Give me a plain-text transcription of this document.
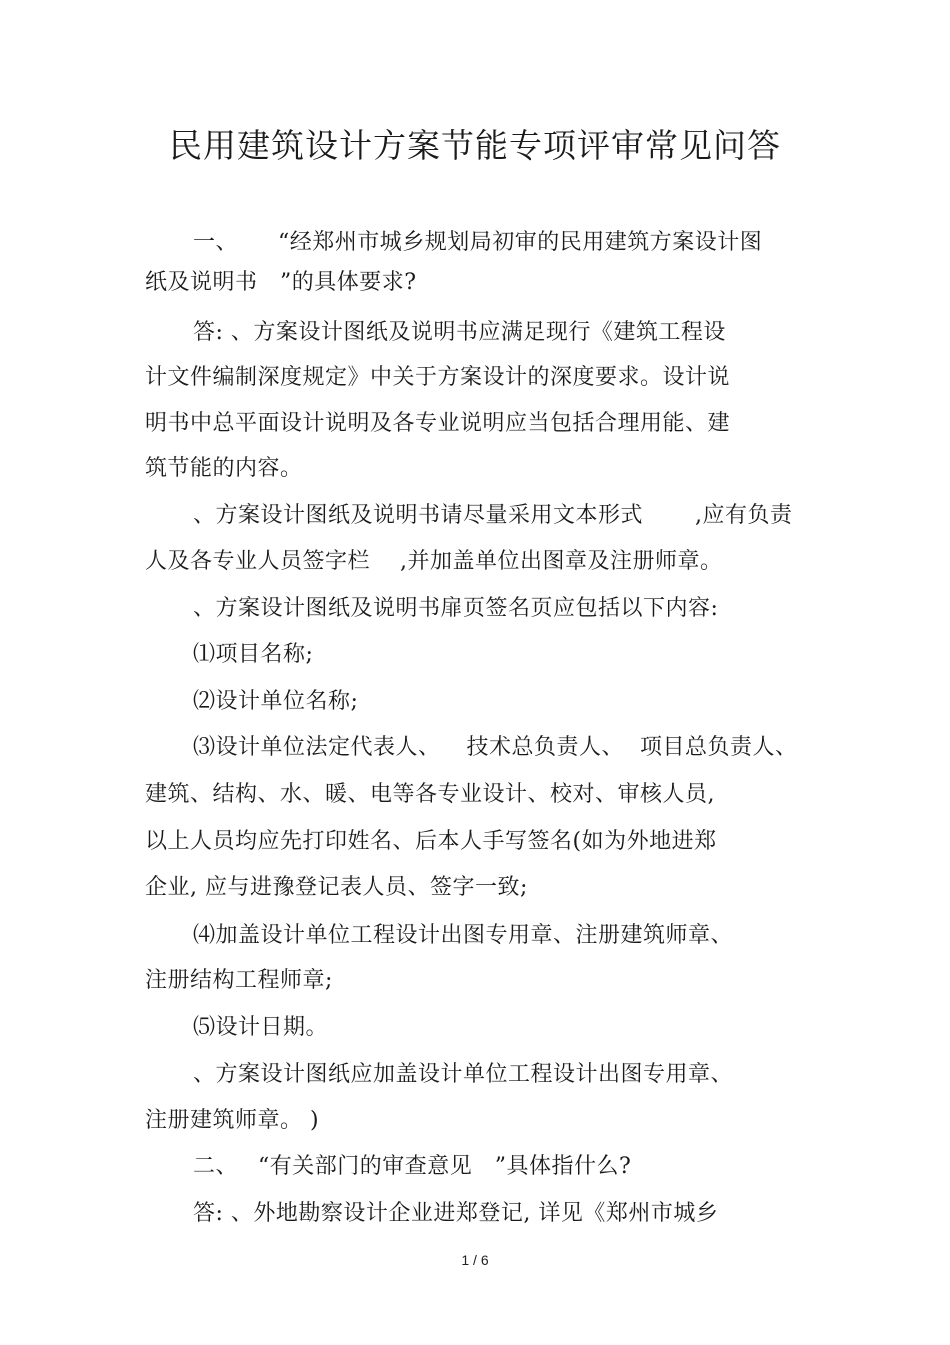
民用建筑设计方案节能专项评审常见问答
一、 “经郑州市城乡规划局初审的民用建筑方案设计图
纸及说明书　”的具体要求?
答: 、方案设计图纸及说明书应满足现行《建筑工程设
计文件编制深度规定》中关于方案设计的深度要求。设计说
明书中总平面设计说明及各专业说明应当包括合理用能、建
筑节能的内容。
、方案设计图纸及说明书请尽量采用文本形式 ,应有负责
人及各专业人员签字栏 ,并加盖单位出图章及注册师章。
、方案设计图纸及说明书扉页签名页应包括以下内容:
⑴项目名称;
⑵设计单位名称;
⑶设计单位法定代表人、 技术总负责人、 项目总负责人、
建筑、结构、水、暖、电等各专业设计、校对、审核人员,
以上人员均应先打印姓名、后本人手写签名(如为外地进郑
企业, 应与进豫登记表人员、签字一致;
⑷加盖设计单位工程设计出图专用章、注册建筑师章、
注册结构工程师章;
⑸设计日期。
、方案设计图纸应加盖设计单位工程设计出图专用章、
注册建筑师章。 )
二、 “有关部门的审查意见　”具体指什么?
答: 、外地勘察设计企业进郑登记, 详见《郑州市城乡
1 / 6
